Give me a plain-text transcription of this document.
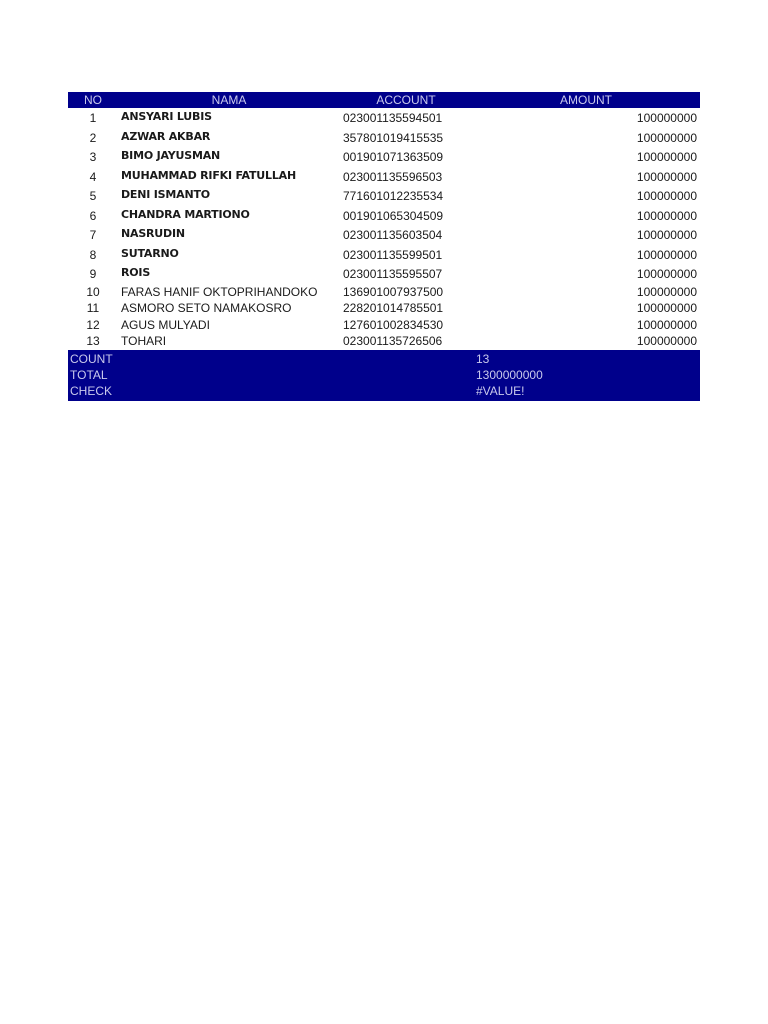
NO	NAMA	ACCOUNT	AMOUNT
1	ANSYARI LUBIS	023001135594501	100000000
2	AZWAR AKBAR	357801019415535	100000000
3	BIMO JAYUSMAN	001901071363509	100000000
4	MUHAMMAD RIFKI FATULLAH	023001135596503	100000000
5	DENI ISMANTO	771601012235534	100000000
6	CHANDRA MARTIONO	001901065304509	100000000
7	NASRUDIN	023001135603504	100000000
8	SUTARNO	023001135599501	100000000
9	ROIS	023001135595507	100000000
10	FARAS HANIF OKTOPRIHANDOKO	136901007937500	100000000
11	ASMORO SETO NAMAKOSRO	228201014785501	100000000
12	AGUS MULYADI	127601002834530	100000000
13	TOHARI	023001135726506	100000000
COUNT	13
TOTAL	1300000000
CHECK	#VALUE!
